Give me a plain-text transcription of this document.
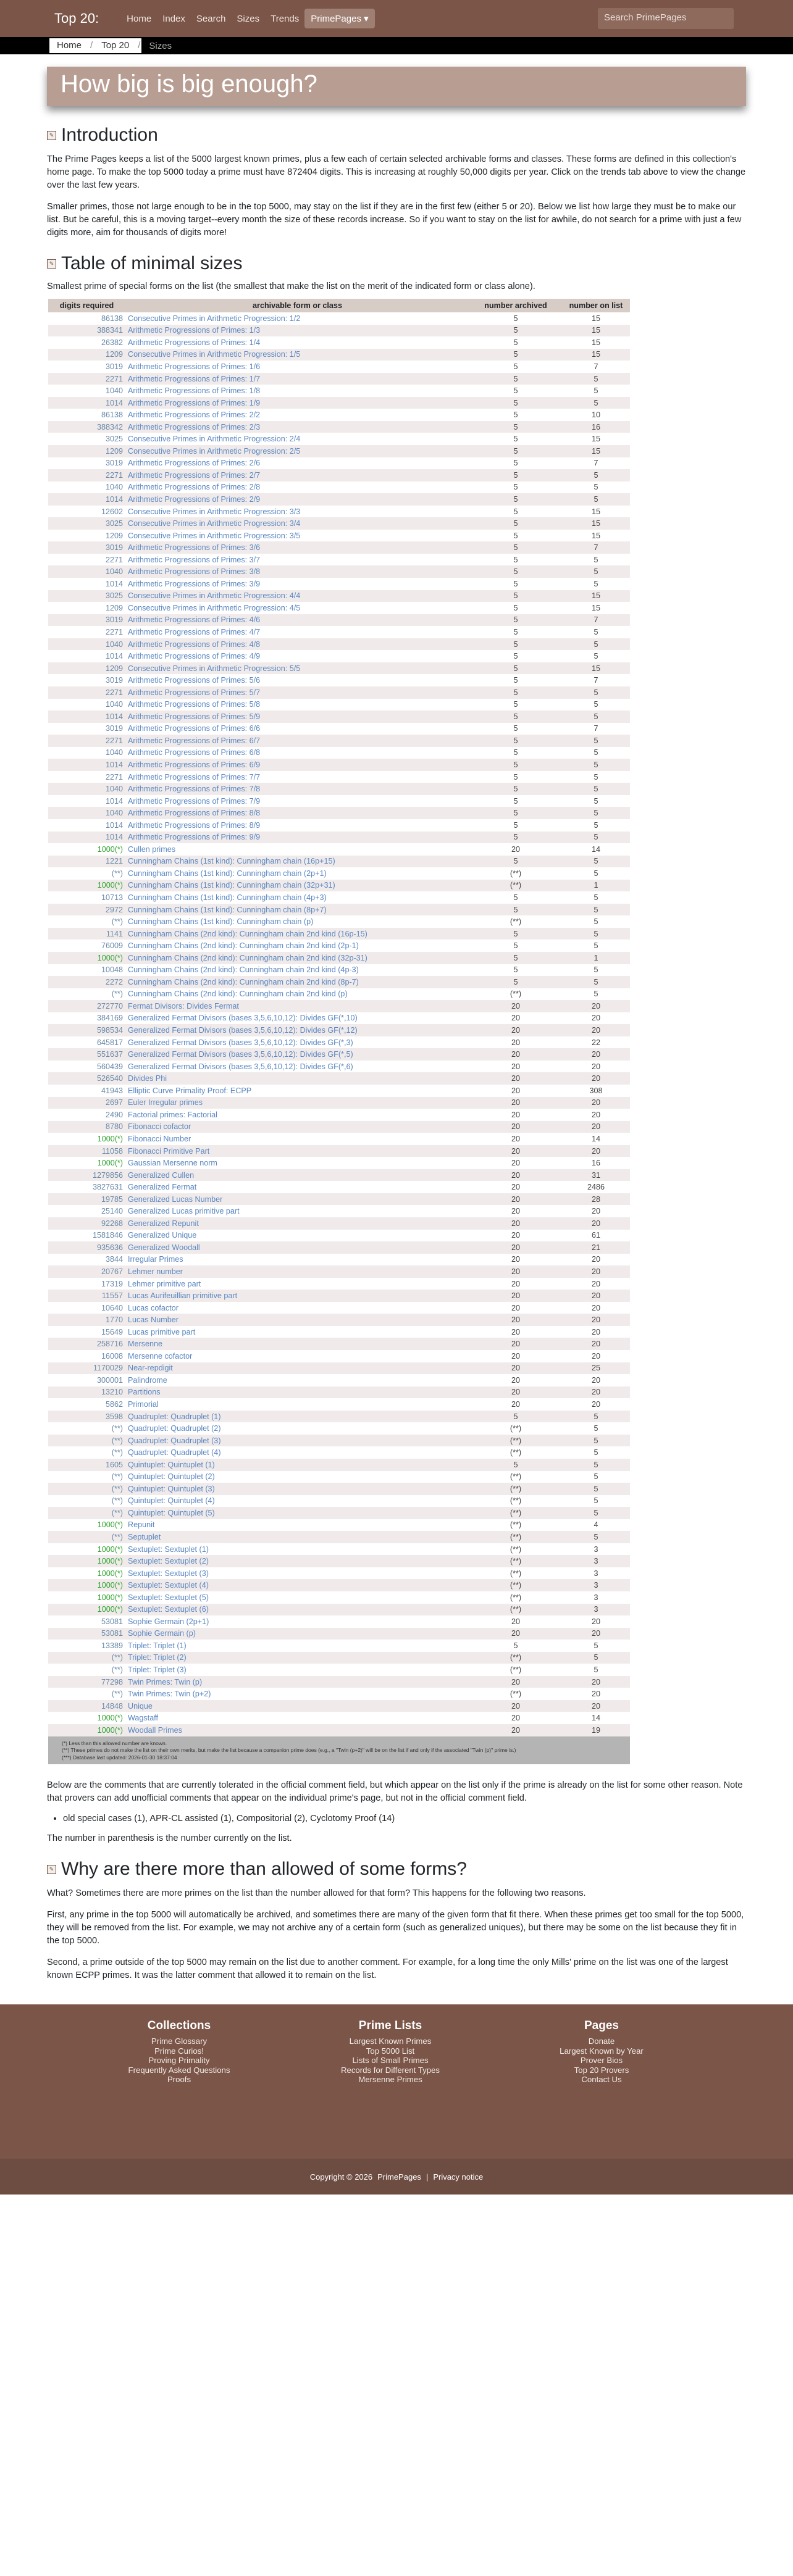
Top 20:	Home	Index	Search	Sizes	Trends	PrimePages ▾	Search PrimePages
Home / Top 20 / Sizes
How big is big enough?
✎ Introduction

The Prime Pages keeps a list of the 5000 largest known primes, plus a few each of certain selected archivable forms and classes. These forms are defined in this collection's home page. To make the top 5000 today a prime must have 872404 digits. This is increasing at roughly 50,000 digits per year. Click on the trends tab above to view the change over the last few years.

Smaller primes, those not large enough to be in the top 5000, may stay on the list if they are in the first few (either 5 or 20). Below we list how large they must be to make our list. But be careful, this is a moving target--every month the size of these records increase. So if you want to stay on the list for awhile, do not search for a prime with just a few digits more, aim for thousands of digits more!

✎ Table of minimal sizes
Smallest prime of special forms on the list (the smallest that make the list on the merit of the indicated form or class alone).
digits required	archivable form or class	number archived	number on list
86138	Consecutive Primes in Arithmetic Progression: 1/2	5	15
388341	Arithmetic Progressions of Primes: 1/3	5	15
26382	Arithmetic Progressions of Primes: 1/4	5	15
1209	Consecutive Primes in Arithmetic Progression: 1/5	5	15
3019	Arithmetic Progressions of Primes: 1/6	5	7
2271	Arithmetic Progressions of Primes: 1/7	5	5
1040	Arithmetic Progressions of Primes: 1/8	5	5
1014	Arithmetic Progressions of Primes: 1/9	5	5
86138	Arithmetic Progressions of Primes: 2/2	5	10
388342	Arithmetic Progressions of Primes: 2/3	5	16
3025	Consecutive Primes in Arithmetic Progression: 2/4	5	15
1209	Consecutive Primes in Arithmetic Progression: 2/5	5	15
3019	Arithmetic Progressions of Primes: 2/6	5	7
2271	Arithmetic Progressions of Primes: 2/7	5	5
1040	Arithmetic Progressions of Primes: 2/8	5	5
1014	Arithmetic Progressions of Primes: 2/9	5	5
12602	Consecutive Primes in Arithmetic Progression: 3/3	5	15
3025	Consecutive Primes in Arithmetic Progression: 3/4	5	15
1209	Consecutive Primes in Arithmetic Progression: 3/5	5	15
3019	Arithmetic Progressions of Primes: 3/6	5	7
2271	Arithmetic Progressions of Primes: 3/7	5	5
1040	Arithmetic Progressions of Primes: 3/8	5	5
1014	Arithmetic Progressions of Primes: 3/9	5	5
3025	Consecutive Primes in Arithmetic Progression: 4/4	5	15
1209	Consecutive Primes in Arithmetic Progression: 4/5	5	15
3019	Arithmetic Progressions of Primes: 4/6	5	7
2271	Arithmetic Progressions of Primes: 4/7	5	5
1040	Arithmetic Progressions of Primes: 4/8	5	5
1014	Arithmetic Progressions of Primes: 4/9	5	5
1209	Consecutive Primes in Arithmetic Progression: 5/5	5	15
3019	Arithmetic Progressions of Primes: 5/6	5	7
2271	Arithmetic Progressions of Primes: 5/7	5	5
1040	Arithmetic Progressions of Primes: 5/8	5	5
1014	Arithmetic Progressions of Primes: 5/9	5	5
3019	Arithmetic Progressions of Primes: 6/6	5	7
2271	Arithmetic Progressions of Primes: 6/7	5	5
1040	Arithmetic Progressions of Primes: 6/8	5	5
1014	Arithmetic Progressions of Primes: 6/9	5	5
2271	Arithmetic Progressions of Primes: 7/7	5	5
1040	Arithmetic Progressions of Primes: 7/8	5	5
1014	Arithmetic Progressions of Primes: 7/9	5	5
1040	Arithmetic Progressions of Primes: 8/8	5	5
1014	Arithmetic Progressions of Primes: 8/9	5	5
1014	Arithmetic Progressions of Primes: 9/9	5	5
1000(*)	Cullen primes	20	14
1221	Cunningham Chains (1st kind): Cunningham chain (16p+15)	5	5
(**)	Cunningham Chains (1st kind): Cunningham chain (2p+1)	(**)	5
1000(*)	Cunningham Chains (1st kind): Cunningham chain (32p+31)	(**)	1
10713	Cunningham Chains (1st kind): Cunningham chain (4p+3)	5	5
2972	Cunningham Chains (1st kind): Cunningham chain (8p+7)	5	5
(**)	Cunningham Chains (1st kind): Cunningham chain (p)	(**)	5
1141	Cunningham Chains (2nd kind): Cunningham chain 2nd kind (16p-15)	5	5
76009	Cunningham Chains (2nd kind): Cunningham chain 2nd kind (2p-1)	5	5
1000(*)	Cunningham Chains (2nd kind): Cunningham chain 2nd kind (32p-31)	5	1
10048	Cunningham Chains (2nd kind): Cunningham chain 2nd kind (4p-3)	5	5
2272	Cunningham Chains (2nd kind): Cunningham chain 2nd kind (8p-7)	5	5
(**)	Cunningham Chains (2nd kind): Cunningham chain 2nd kind (p)	(**)	5
272770	Fermat Divisors: Divides Fermat	20	20
384169	Generalized Fermat Divisors (bases 3,5,6,10,12): Divides GF(*,10)	20	20
598534	Generalized Fermat Divisors (bases 3,5,6,10,12): Divides GF(*,12)	20	20
645817	Generalized Fermat Divisors (bases 3,5,6,10,12): Divides GF(*,3)	20	22
551637	Generalized Fermat Divisors (bases 3,5,6,10,12): Divides GF(*,5)	20	20
560439	Generalized Fermat Divisors (bases 3,5,6,10,12): Divides GF(*,6)	20	20
526540	Divides Phi	20	20
41943	Elliptic Curve Primality Proof: ECPP	20	308
2697	Euler Irregular primes	20	20
2490	Factorial primes: Factorial	20	20
8780	Fibonacci cofactor	20	20
1000(*)	Fibonacci Number	20	14
11058	Fibonacci Primitive Part	20	20
1000(*)	Gaussian Mersenne norm	20	16
1279856	Generalized Cullen	20	31
3827631	Generalized Fermat	20	2486
19785	Generalized Lucas Number	20	28
25140	Generalized Lucas primitive part	20	20
92268	Generalized Repunit	20	20
1581846	Generalized Unique	20	61
935636	Generalized Woodall	20	21
3844	Irregular Primes	20	20
20767	Lehmer number	20	20
17319	Lehmer primitive part	20	20
11557	Lucas Aurifeuillian primitive part	20	20
10640	Lucas cofactor	20	20
1770	Lucas Number	20	20
15649	Lucas primitive part	20	20
258716	Mersenne	20	20
16008	Mersenne cofactor	20	20
1170029	Near-repdigit	20	25
300001	Palindrome	20	20
13210	Partitions	20	20
5862	Primorial	20	20
3598	Quadruplet: Quadruplet (1)	5	5
(**)	Quadruplet: Quadruplet (2)	(**)	5
(**)	Quadruplet: Quadruplet (3)	(**)	5
(**)	Quadruplet: Quadruplet (4)	(**)	5
1605	Quintuplet: Quintuplet (1)	5	5
(**)	Quintuplet: Quintuplet (2)	(**)	5
(**)	Quintuplet: Quintuplet (3)	(**)	5
(**)	Quintuplet: Quintuplet (4)	(**)	5
(**)	Quintuplet: Quintuplet (5)	(**)	5
1000(*)	Repunit	(**)	4
(**)	Septuplet	(**)	5
1000(*)	Sextuplet: Sextuplet (1)	(**)	3
1000(*)	Sextuplet: Sextuplet (2)	(**)	3
1000(*)	Sextuplet: Sextuplet (3)	(**)	3
1000(*)	Sextuplet: Sextuplet (4)	(**)	3
1000(*)	Sextuplet: Sextuplet (5)	(**)	3
1000(*)	Sextuplet: Sextuplet (6)	(**)	3
53081	Sophie Germain (2p+1)	20	20
53081	Sophie Germain (p)	20	20
13389	Triplet: Triplet (1)	5	5
(**)	Triplet: Triplet (2)	(**)	5
(**)	Triplet: Triplet (3)	(**)	5
77298	Twin Primes: Twin (p)	20	20
(**)	Twin Primes: Twin (p+2)	(**)	20
14848	Unique	20	20
1000(*)	Wagstaff	20	14
1000(*)	Woodall Primes	20	19
(*) Less than this allowed number are known.
(**) These primes do not make the list on their own merits, but make the list because a companion prime does (e.g., a "Twin (p+2)" will be on the list if and only if the associated "Twin (p)" prime is.)
(***) Database last updated: 2026-01-30 18:37:04

Below are the comments that are currently tolerated in the official comment field, but which appear on the list only if the prime is already on the list for some other reason. Note that provers can add unofficial comments that appear on the individual prime's page, but not in the official comment field.

• old special cases (1), APR-CL assisted (1), Compositorial (2), Cyclotomy Proof (14)

The number in parenthesis is the number currently on the list.

✎ Why are there more than allowed of some forms?

What? Sometimes there are more primes on the list than the number allowed for that form? This happens for the following two reasons.

First, any prime in the top 5000 will automatically be archived, and sometimes there are many of the given form that fit there. When these primes get too small for the top 5000, they will be removed from the list. For example, we may not archive any of a certain form (such as generalized uniques), but there may be some on the list because they fit in the top 5000.

Second, a prime outside of the top 5000 may remain on the list due to another comment. For example, for a long time the only Mills' prime on the list was one of the largest known ECPP primes. It was the latter comment that allowed it to remain on the list.

Collections
Prime Glossary
Prime Curios!
Proving Primality
Frequently Asked Questions
Proofs
Prime Lists
Largest Known Primes
Top 5000 List
Lists of Small Primes
Records for Different Types
Mersenne Primes
Pages
Donate
Largest Known by Year
Prover Bios
Top 20 Provers
Contact Us
Copyright © 2026 PrimePages | Privacy notice
